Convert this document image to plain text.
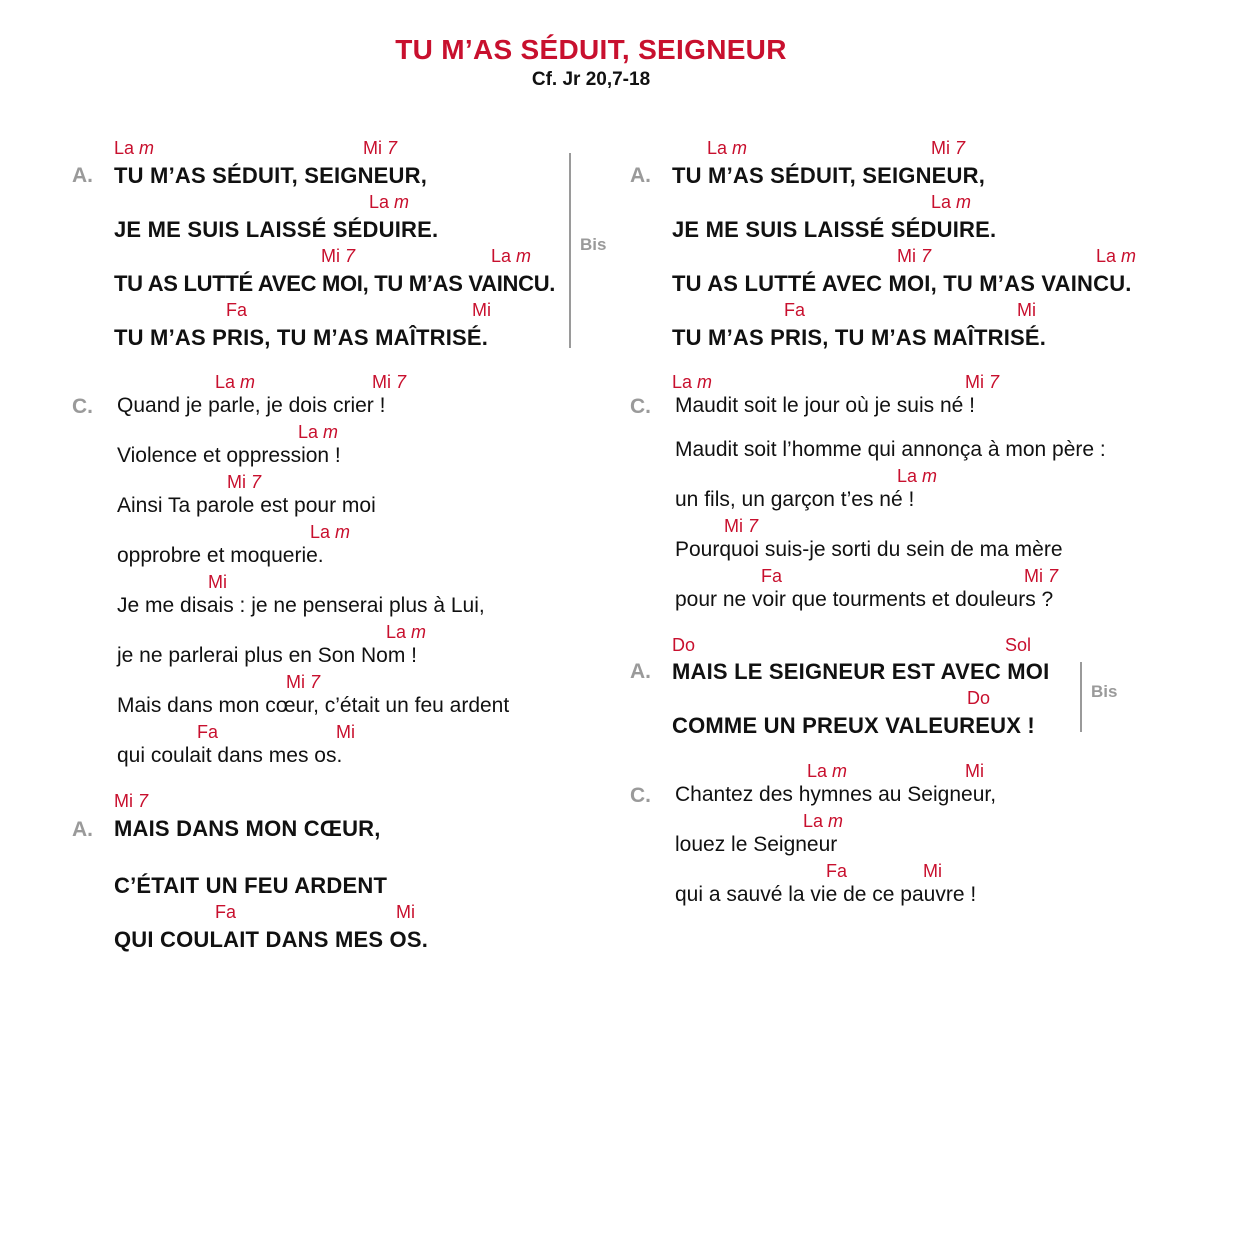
TU M’AS SÉDUIT, SEIGNEUR
Cf. Jr 20,7-18
A.
La m	Mi 7
TU M’AS SÉDUIT, SEIGNEUR,
La m
JE ME SUIS LAISSÉ SÉDUIRE.
Mi 7	La m
TU AS LUTTÉ AVEC MOI, TU M’AS VAINCU.
Fa	Mi
TU M’AS PRIS, TU M’AS MAÎTRISÉ.
Bis
C.
La m	Mi 7
Quand je parle, je dois crier !
La m
Violence et oppression !
Mi 7
Ainsi Ta parole est pour moi
La m
opprobre et moquerie.
Mi
Je me disais : je ne penserai plus à Lui,
La m
je ne parlerai plus en Son Nom !
Mi 7
Mais dans mon cœur, c’était un feu ardent
Fa	Mi
qui coulait dans mes os.
Mi 7
A. MAIS DANS MON CŒUR,
C’ÉTAIT UN FEU ARDENT
Fa	Mi
QUI COULAIT DANS MES OS.
A.
La m	Mi 7
TU M’AS SÉDUIT, SEIGNEUR,
La m
JE ME SUIS LAISSÉ SÉDUIRE.
Mi 7	La m
TU AS LUTTÉ AVEC MOI, TU M’AS VAINCU.
Fa	Mi
TU M’AS PRIS, TU M’AS MAÎTRISÉ.
C.
La m	Mi 7
Maudit soit le jour où je suis né !
Maudit soit l’homme qui annonça à mon père :
La m
un fils, un garçon t’es né !
Mi 7
Pourquoi suis-je sorti du sein de ma mère
Fa	Mi 7
pour ne voir que tourments et douleurs ?
A.
Do	Sol
MAIS LE SEIGNEUR EST AVEC MOI
Do
COMME UN PREUX VALEUREUX !
Bis
C.
La m	Mi
Chantez des hymnes au Seigneur,
La m
louez le Seigneur
Fa	Mi
qui a sauvé la vie de ce pauvre !
